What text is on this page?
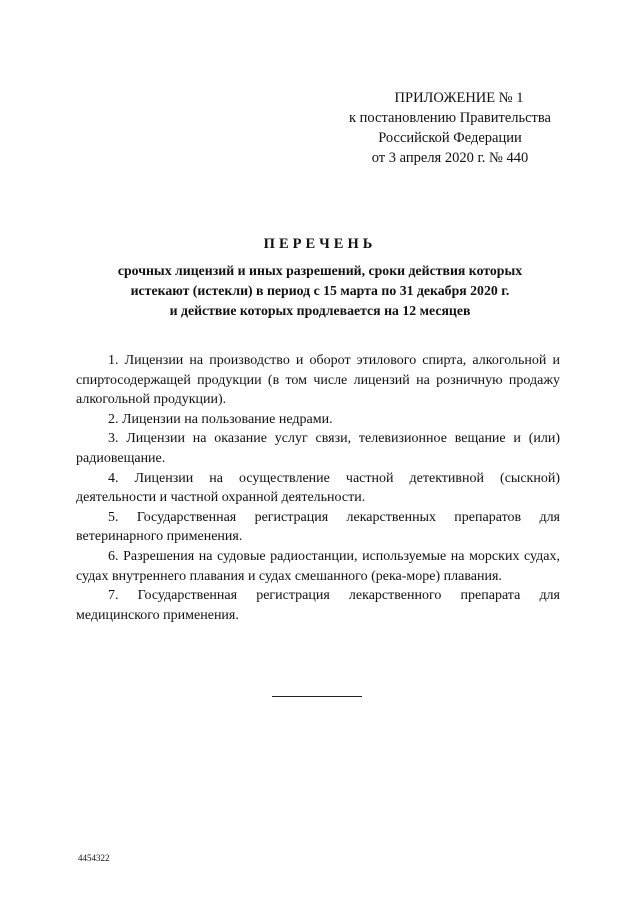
ПРИЛОЖЕНИЕ № 1
к постановлению Правительства
Российской Федерации
от 3 апреля 2020 г. № 440
ПЕРЕЧЕНЬ
срочных лицензий и иных разрешений, сроки действия которых
истекают (истекли) в период с 15 марта по 31 декабря 2020 г.
и действие которых продлевается на 12 месяцев

1. Лицензии на производство и оборот этилового спирта, алкогольной и спиртосодержащей продукции (в том числе лицензий на розничную продажу алкогольной продукции).

2. Лицензии на пользование недрами.

3. Лицензии на оказание услуг связи, телевизионное вещание и (или) радиовещание.

4. Лицензии на осуществление частной детективной (сыскной) деятельности и частной охранной деятельности.

5. Государственная регистрация лекарственных препаратов для ветеринарного применения.

6. Разрешения на судовые радиостанции, используемые на морских судах, судах внутреннего плавания и судах смешанного (река-море) плавания.

7. Государственная регистрация лекарственного препарата для медицинского применения.

4454322
